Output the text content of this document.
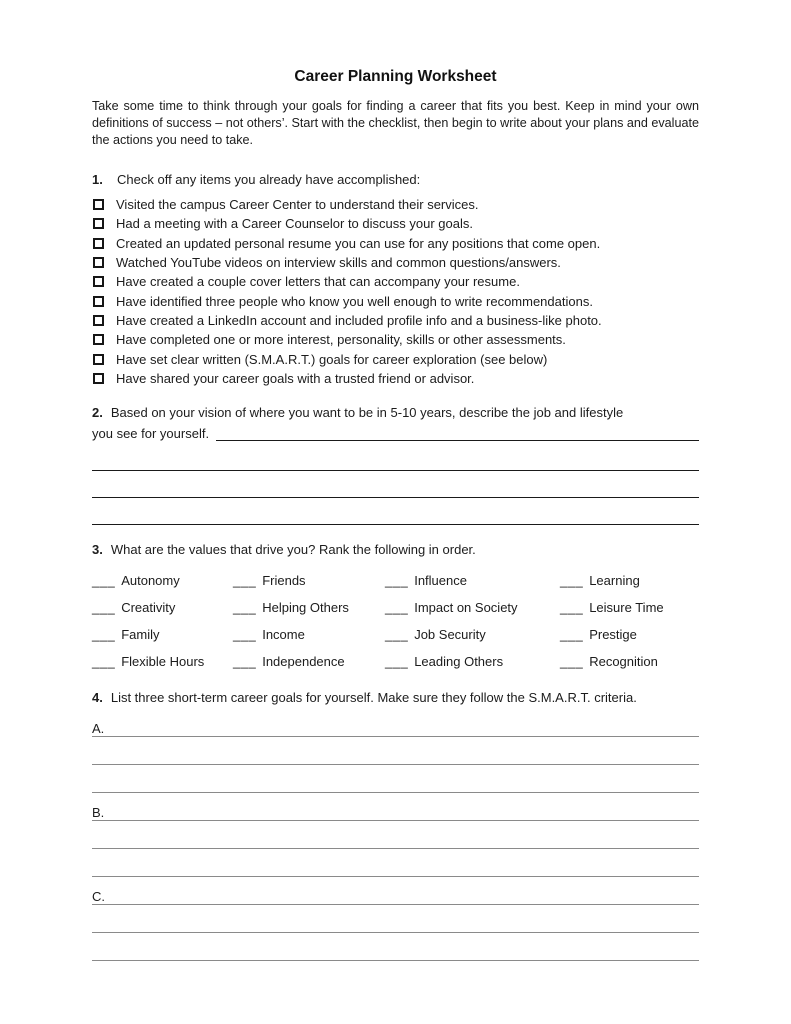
Career Planning Worksheet

Take some time to think through your goals for finding a career that fits you best. Keep in mind your own definitions of success – not others’. Start with the checklist, then begin to write about your plans and evaluate the actions you need to take.

1.	Check off any items you already have accomplished:
Visited the campus Career Center to understand their services.
Had a meeting with a Career Counselor to discuss your goals.
Created an updated personal resume you can use for any positions that come open.
Watched YouTube videos on interview skills and common questions/answers.
Have created a couple cover letters that can accompany your resume.
Have identified three people who know you well enough to write recommendations.
Have created a LinkedIn account and included profile info and a business-like photo.
Have completed one or more interest, personality, skills or other assessments.
Have set clear written (S.M.A.R.T.) goals for career exploration (see below)
Have shared your career goals with a trusted friend or advisor.
2. Based on your vision of where you want to be in 5-10 years, describe the job and lifestyle
you see for yourself.
3. What are the values that drive you? Rank the following in order.
___ Autonomy	___ Friends	___ Influence	___ Learning
___ Creativity	___ Helping Others	___ Impact on Society	___ Leisure Time
___ Family	___ Income	___ Job Security	___ Prestige
___ Flexible Hours ___ Independence	___ Leading Others	___ Recognition
4. List three short-term career goals for yourself. Make sure they follow the S.M.A.R.T. criteria.
A.
B.
C.
